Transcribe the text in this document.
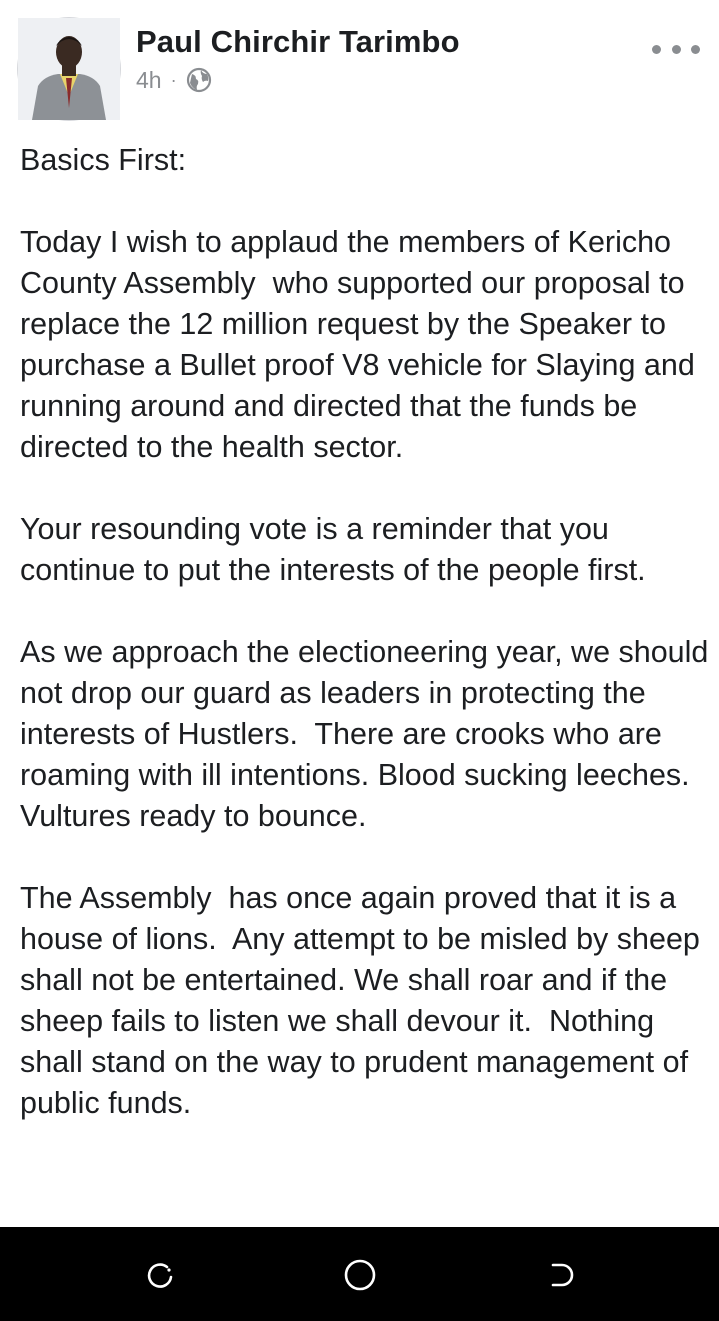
Paul Chirchir Tarimbo
4h ·

Basics First:

Today I wish to applaud the members of Kericho  County Assembly  who supported our proposal to replace the 12 million request by the Speaker to purchase a Bullet proof V8 vehicle for Slaying and running around and directed that the funds be directed to the health sector.

Your resounding vote is a reminder that you continue to put the interests of the people first.

As we approach the electioneering year, we should not drop our guard as leaders in protecting the interests of Hustlers.  There are crooks who are roaming with ill intentions. Blood sucking leeches. Vultures ready to bounce.

The Assembly  has once again proved that it is a house of lions.  Any attempt to be misled by sheep shall not be entertained. We shall roar and if the sheep fails to listen we shall devour it.  Nothing shall stand on the way to prudent management of public funds.
